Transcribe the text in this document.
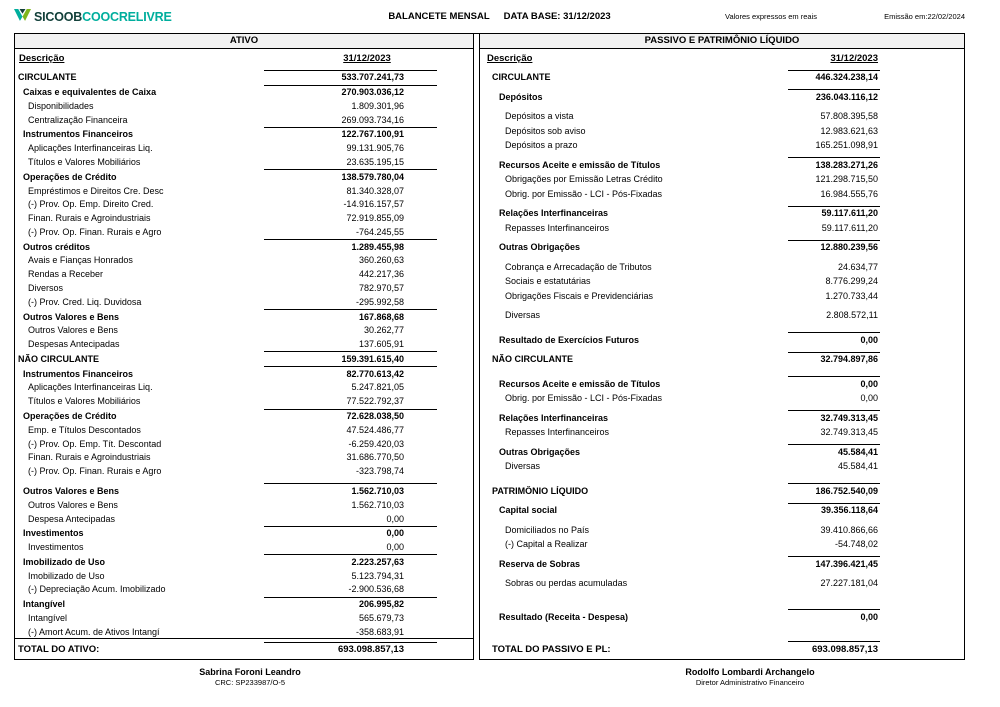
SICOOBCOOCRELIVRE	BALANCETE MENSAL DATA BASE: 31/12/2023	Valores expressos em reais	Emissão em:22/02/2024
ATIVO
Descrição	31/12/2023
CIRCULANTE	533.707.241,73
Caixas e equivalentes de Caixa	270.903.036,12
Disponibilidades	1.809.301,96
Centralização Financeira	269.093.734,16
Instrumentos Financeiros	122.767.100,91
Aplicações Interfinanceiras Liq.	99.131.905,76
Títulos e Valores Mobiliários	23.635.195,15
Operações de Crédito	138.579.780,04
Empréstimos e Direitos Cre. Desc	81.340.328,07
(-) Prov. Op. Emp. Direito Cred.	-14.916.157,57
Finan. Rurais e Agroindustriais	72.919.855,09
(-) Prov. Op. Finan. Rurais e Agro	-764.245,55
Outros créditos	1.289.455,98
Avais e Fianças Honrados	360.260,63
Rendas a Receber	442.217,36
Diversos	782.970,57
(-) Prov. Cred. Liq. Duvidosa	-295.992,58
Outros Valores e Bens	167.868,68
Outros Valores e Bens	30.262,77
Despesas Antecipadas	137.605,91
NÃO CIRCULANTE	159.391.615,40
Instrumentos Financeiros	82.770.613,42
Aplicações Interfinanceiras Liq.	5.247.821,05
Títulos e Valores Mobiliários	77.522.792,37
Operações de Crédito	72.628.038,50
Emp. e Títulos Descontados	47.524.486,77
(-) Prov. Op. Emp. Tít. Descontad	-6.259.420,03
Finan. Rurais e Agroindustriais	31.686.770,50
(-) Prov. Op. Finan. Rurais e Agro	-323.798,74
Outros Valores e Bens	1.562.710,03
Outros Valores e Bens	1.562.710,03
Despesa Antecipadas	0,00
Investimentos	0,00
Investimentos	0,00
Imobilizado de Uso	2.223.257,63
Imobilizado de Uso	5.123.794,31
(-) Depreciação Acum. Imobilizado	-2.900.536,68
Intangível	206.995,82
Intangível	565.679,73
(-) Amort Acum. de Ativos Intangí	-358.683,91
TOTAL DO ATIVO:	693.098.857,13
PASSIVO E PATRIMÔNIO LÍQUIDO
Descrição	31/12/2023
CIRCULANTE	446.324.238,14
Depósitos	236.043.116,12
Depósitos a vista	57.808.395,58
Depósitos sob aviso	12.983.621,63
Depósitos a prazo	165.251.098,91
Recursos Aceite e emissão de Títulos	138.283.271,26
Obrigações por Emissão Letras Crédito	121.298.715,50
Obrig. por Emissão - LCI - Pós-Fixadas	16.984.555,76
Relações Interfinanceiras	59.117.611,20
Repasses Interfinanceiros	59.117.611,20
Outras Obrigações	12.880.239,56
Cobrança e Arrecadação de Tributos	24.634,77
Sociais e estatutárias	8.776.299,24
Obrigações Fiscais e Previdenciárias	1.270.733,44
Diversas	2.808.572,11
Resultado de Exercícios Futuros	0,00
NÃO CIRCULANTE	32.794.897,86
Recursos Aceite e emissão de Títulos	0,00
Obrig. por Emissão - LCI - Pós-Fixadas	0,00
Relações Interfinanceiras	32.749.313,45
Repasses Interfinanceiros	32.749.313,45
Outras Obrigações	45.584,41
Diversas	45.584,41
PATRIMÔNIO LÍQUIDO	186.752.540,09
Capital social	39.356.118,64
Domiciliados no País	39.410.866,66
(-) Capital a Realizar	-54.748,02
Reserva de Sobras	147.396.421,45
Sobras ou perdas acumuladas	27.227.181,04
Resultado (Receita - Despesa)	0,00
TOTAL DO PASSIVO E PL:	693.098.857,13
Sabrina Foroni Leandro
CRC: SP233987/O-5
Rodolfo Lombardi Archangelo
Diretor Administrativo Financeiro
